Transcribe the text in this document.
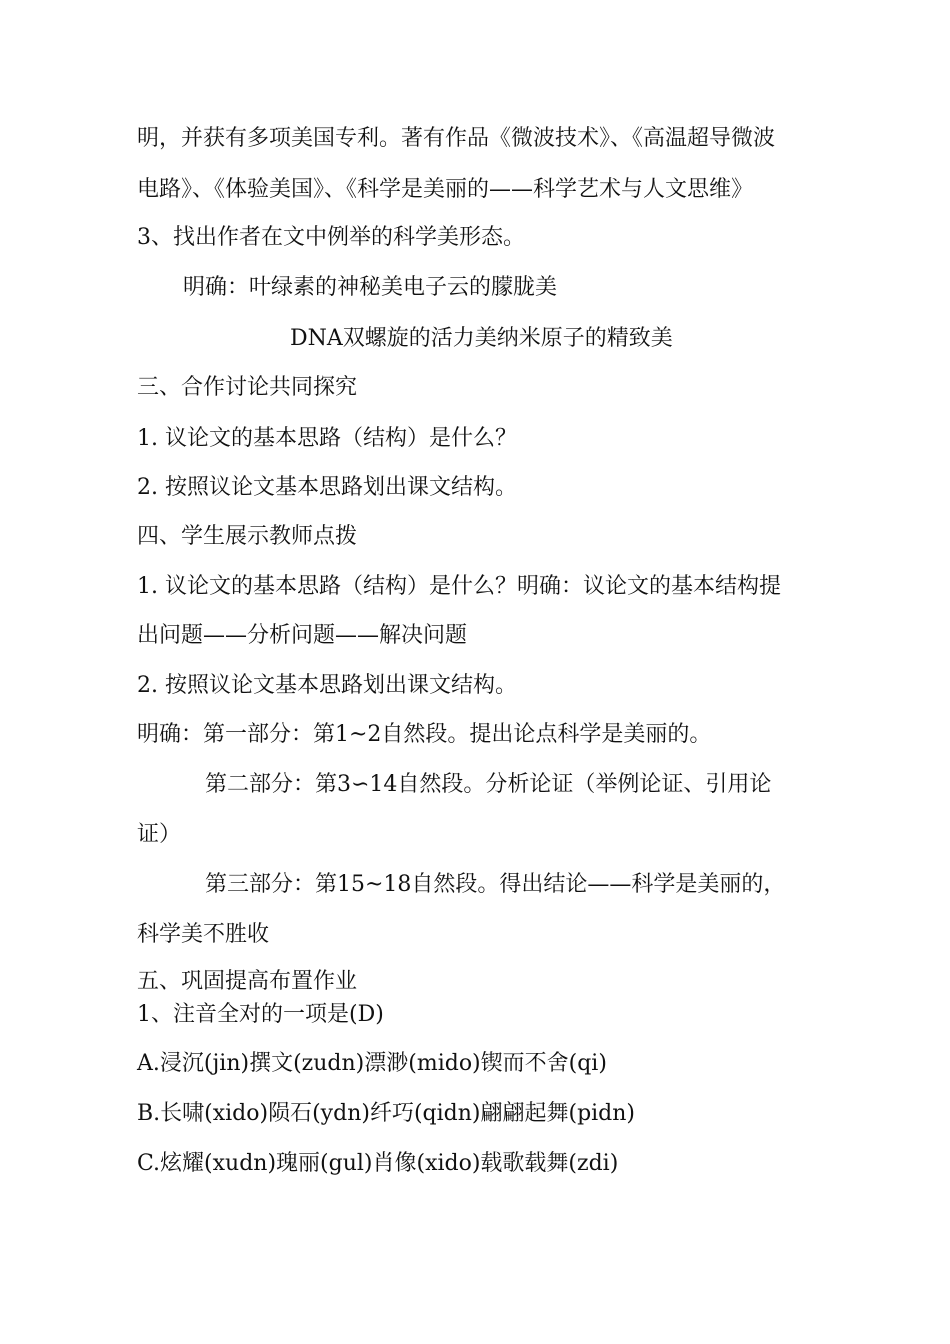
明，并获有多项美国专利。著有作品《微波技术》、《高温超导微波
电路》、《体验美国》、《科学是美丽的——科学艺术与人文思维》
3、找出作者在文中例举的科学美形态。
明确：叶绿素的神秘美电子云的朦胧美
DNA双螺旋的活力美纳米原子的精致美
三、合作讨论共同探究
1. 议论文的基本思路（结构）是什么？
2. 按照议论文基本思路划出课文结构。
四、学生展示教师点拨
1. 议论文的基本思路（结构）是什么？明确：议论文的基本结构提
出问题——分析问题——解决问题
2. 按照议论文基本思路划出课文结构。
明确：第一部分：第1~2自然段。提出论点科学是美丽的。
第二部分：第3∽14自然段。分析论证（举例论证、引用论
证）
第三部分：第15~18自然段。得出结论——科学是美丽的，
科学美不胜收
五、巩固提高布置作业
1、注音全对的一项是(D)
A.浸沉(jin)撰文(zudn)漂渺(mido)锲而不舍(qi)
B.长啸(xido)陨石(ydn)纤巧(qidn)翩翩起舞(pidn)
C.炫耀(xudn)瑰丽(gul)肖像(xido)载歌载舞(zdi)
